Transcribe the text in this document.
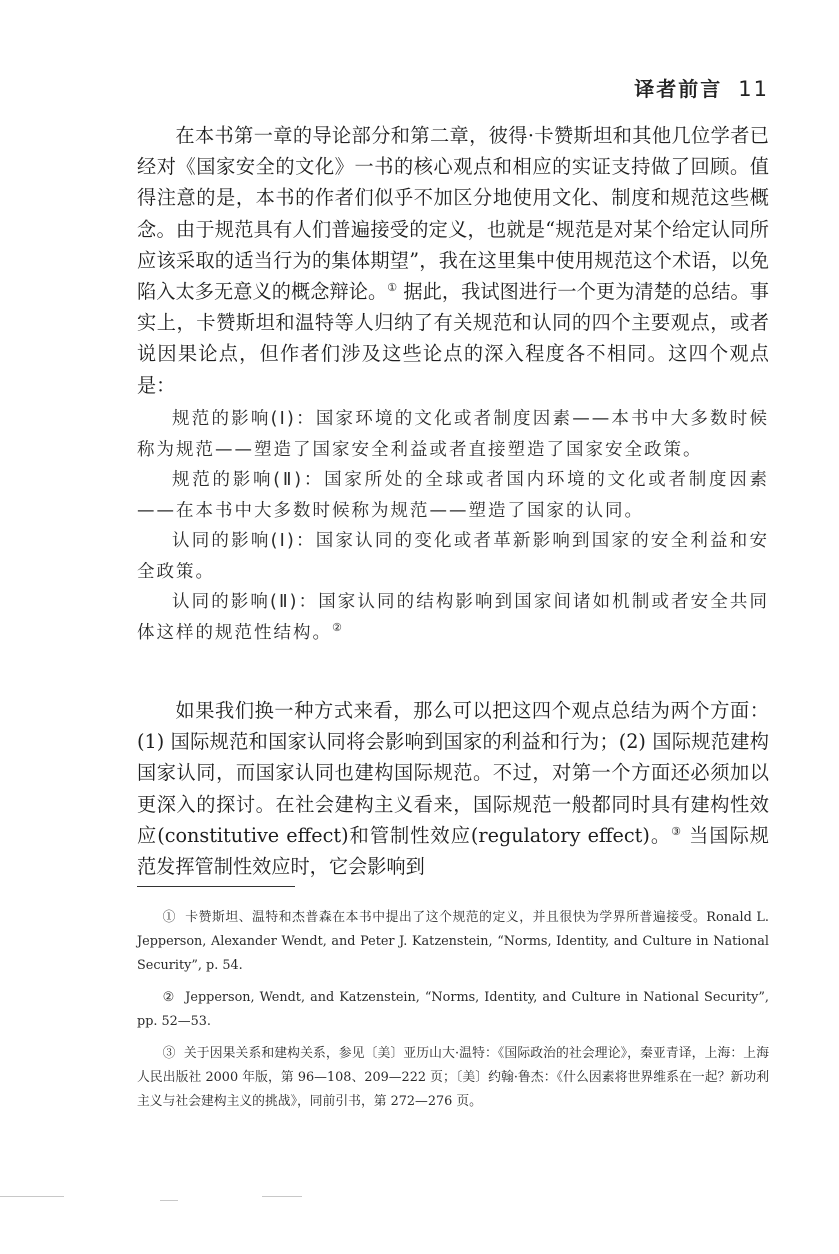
译者前言 11

在本书第一章的导论部分和第二章，彼得·卡赞斯坦和其他几位学者已经对《国家安全的文化》一书的核心观点和相应的实证支持做了回顾。值得注意的是，本书的作者们似乎不加区分地使用文化、制度和规范这些概念。由于规范具有人们普遍接受的定义，也就是“规范是对某个给定认同所应该采取的适当行为的集体期望”，我在这里集中使用规范这个术语，以免陷入太多无意义的概念辩论。① 据此，我试图进行一个更为清楚的总结。事实上，卡赞斯坦和温特等人归纳了有关规范和认同的四个主要观点，或者说因果论点，但作者们涉及这些论点的深入程度各不相同。这四个观点是：

规范的影响(Ⅰ)：国家环境的文化或者制度因素——本书中大多数时候称为规范——塑造了国家安全利益或者直接塑造了国家安全政策。

规范的影响(Ⅱ)：国家所处的全球或者国内环境的文化或者制度因素——在本书中大多数时候称为规范——塑造了国家的认同。

认同的影响(Ⅰ)：国家认同的变化或者革新影响到国家的安全利益和安全政策。

认同的影响(Ⅱ)：国家认同的结构影响到国家间诸如机制或者安全共同体这样的规范性结构。②

如果我们换一种方式来看，那么可以把这四个观点总结为两个方面：(1) 国际规范和国家认同将会影响到国家的利益和行为；(2) 国际规范建构国家认同，而国家认同也建构国际规范。不过，对第一个方面还必须加以更深入的探讨。在社会建构主义看来，国际规范一般都同时具有建构性效应(constitutive effect)和管制性效应(regulatory effect)。③ 当国际规范发挥管制性效应时，它会影响到

① 卡赞斯坦、温特和杰普森在本书中提出了这个规范的定义，并且很快为学界所普遍接受。Ronald L. Jepperson, Alexander Wendt, and Peter J. Katzenstein, “Norms, Identity, and Culture in National Security”, p. 54.

② Jepperson, Wendt, and Katzenstein, “Norms, Identity, and Culture in National Security”, pp. 52—53.

③ 关于因果关系和建构关系，参见〔美〕亚历山大·温特：《国际政治的社会理论》，秦亚青译，上海：上海人民出版社 2000 年版，第 96—108、209—222 页；〔美〕约翰·鲁杰：《什么因素将世界维系在一起？新功利主义与社会建构主义的挑战》，同前引书，第 272—276 页。
